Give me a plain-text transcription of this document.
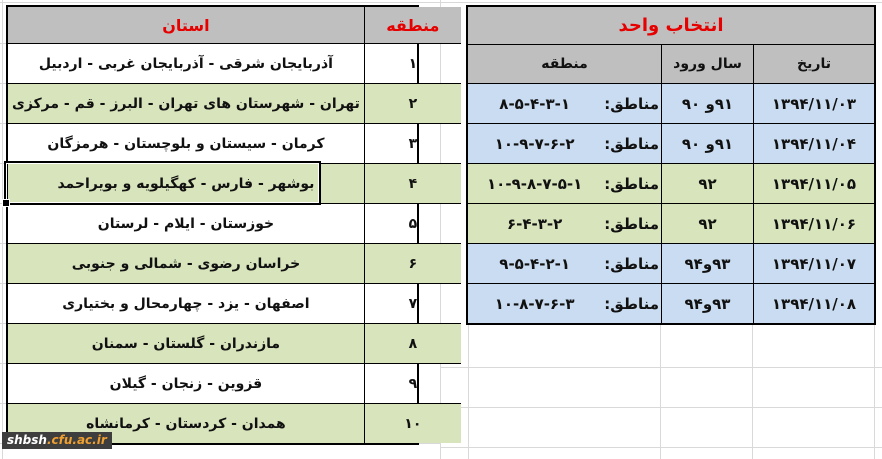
استان	منطقه
آذربایجان شرقی - آذربایجان غربی - اردبیل	۱
تهران - شهرستان های تهران - البرز - قم - مرکزی	۲
کرمان - سیستان و بلوچستان - هرمزگان	۳
بوشهر - فارس - کهگیلویه و بویراحمد	۴
خوزستان - ایلام - لرستان	۵
خراسان رضوی - شمالی و جنوبی	۶
اصفهان - یزد - چهارمحال و بختیاری	۷
مازندران - گلستان - سمنان	۸
قزوین - زنجان - گیلان	۹
همدان - کردستان - کرمانشاه	۱۰
انتخاب واحد
منطقه	سال ورود	تاریخ
۸-۵-۴-۳-۱	مناطق:	۹۰ و۹۱	۱۳۹۴/۱۱/۰۳
۱۰-۹-۷-۶-۲	مناطق:	۹۰ و۹۱	۱۳۹۴/۱۱/۰۴
۱۰-۹-۸-۷-۵-۱	مناطق:	۹۲	۱۳۹۴/۱۱/۰۵
۶-۴-۳-۲	مناطق:	۹۲	۱۳۹۴/۱۱/۰۶
۹-۵-۴-۲-۱	مناطق:	۹۴و۹۳	۱۳۹۴/۱۱/۰۷
۱۰-۸-۷-۶-۳	مناطق:	۹۴و۹۳	۱۳۹۴/۱۱/۰۸
shbsh.cfu.ac.ir
